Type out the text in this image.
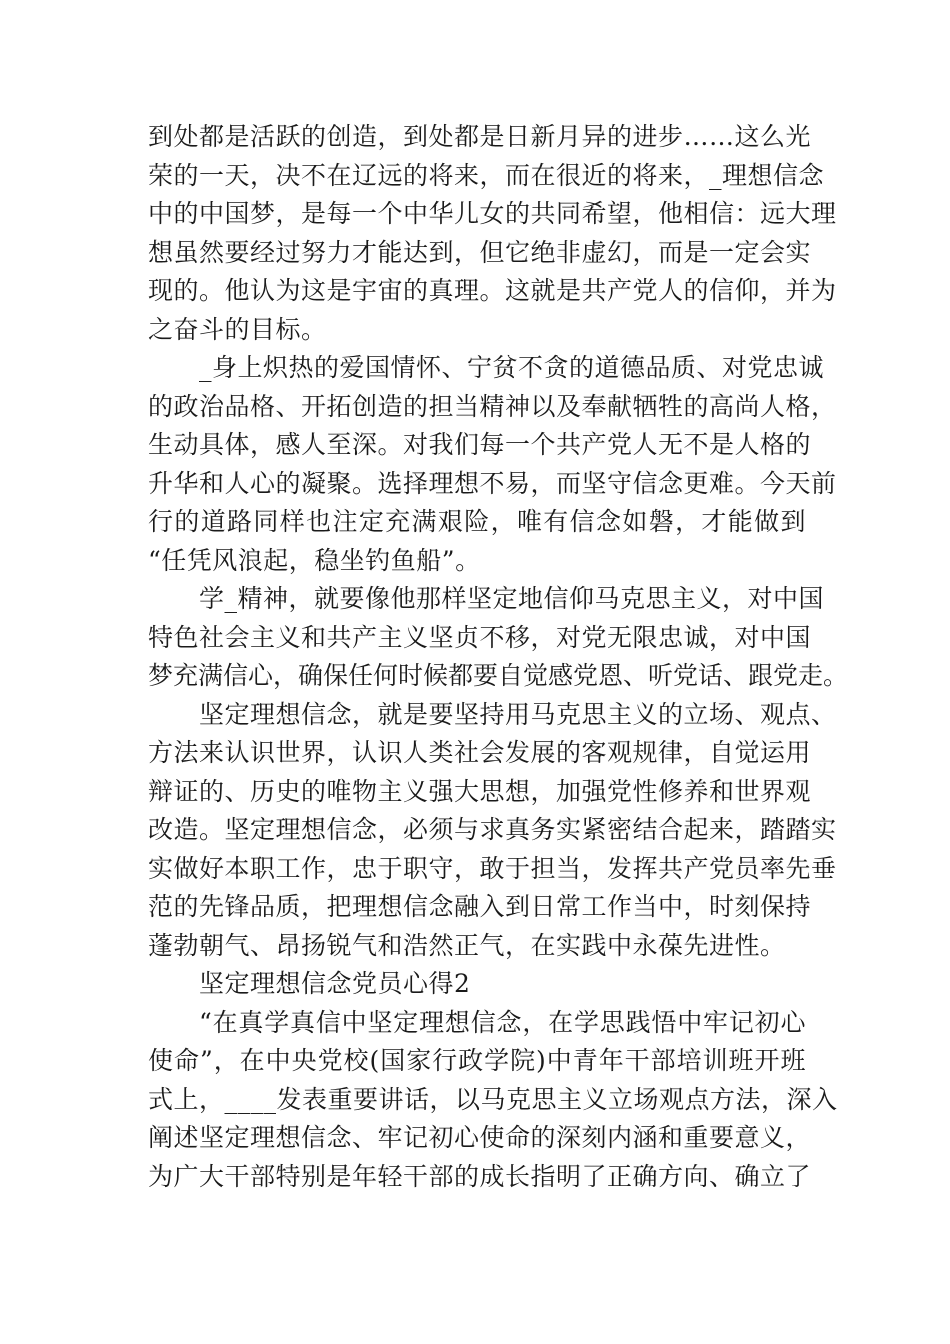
到处都是活跃的创造，到处都是日新月异的进步……这么光
荣的一天，决不在辽远的将来，而在很近的将来，_理想信念
中的中国梦，是每一个中华儿女的共同希望，他相信：远大理
想虽然要经过努力才能达到，但它绝非虚幻，而是一定会实
现的。他认为这是宇宙的真理。这就是共产党人的信仰，并为
之奋斗的目标。
_身上炽热的爱国情怀、宁贫不贪的道德品质、对党忠诚
的政治品格、开拓创造的担当精神以及奉献牺牲的高尚人格，
生动具体，感人至深。对我们每一个共产党人无不是人格的
升华和人心的凝聚。选择理想不易，而坚守信念更难。今天前
行的道路同样也注定充满艰险，唯有信念如磐，才能做到
“任凭风浪起，稳坐钓鱼船”。
学_精神，就要像他那样坚定地信仰马克思主义，对中国
特色社会主义和共产主义坚贞不移，对党无限忠诚，对中国
梦充满信心，确保任何时候都要自觉感党恩、听党话、跟党走。
坚定理想信念，就是要坚持用马克思主义的立场、观点、
方法来认识世界，认识人类社会发展的客观规律，自觉运用
辩证的、历史的唯物主义强大思想，加强党性修养和世界观
改造。坚定理想信念，必须与求真务实紧密结合起来，踏踏实
实做好本职工作，忠于职守，敢于担当，发挥共产党员率先垂
范的先锋品质，把理想信念融入到日常工作当中，时刻保持
蓬勃朝气、昂扬锐气和浩然正气，在实践中永葆先进性。
坚定理想信念党员心得2
“在真学真信中坚定理想信念，在学思践悟中牢记初心
使命”，在中央党校(国家行政学院)中青年干部培训班开班
式上，____发表重要讲话，以马克思主义立场观点方法，深入
阐述坚定理想信念、牢记初心使命的深刻内涵和重要意义，
为广大干部特别是年轻干部的成长指明了正确方向、确立了
